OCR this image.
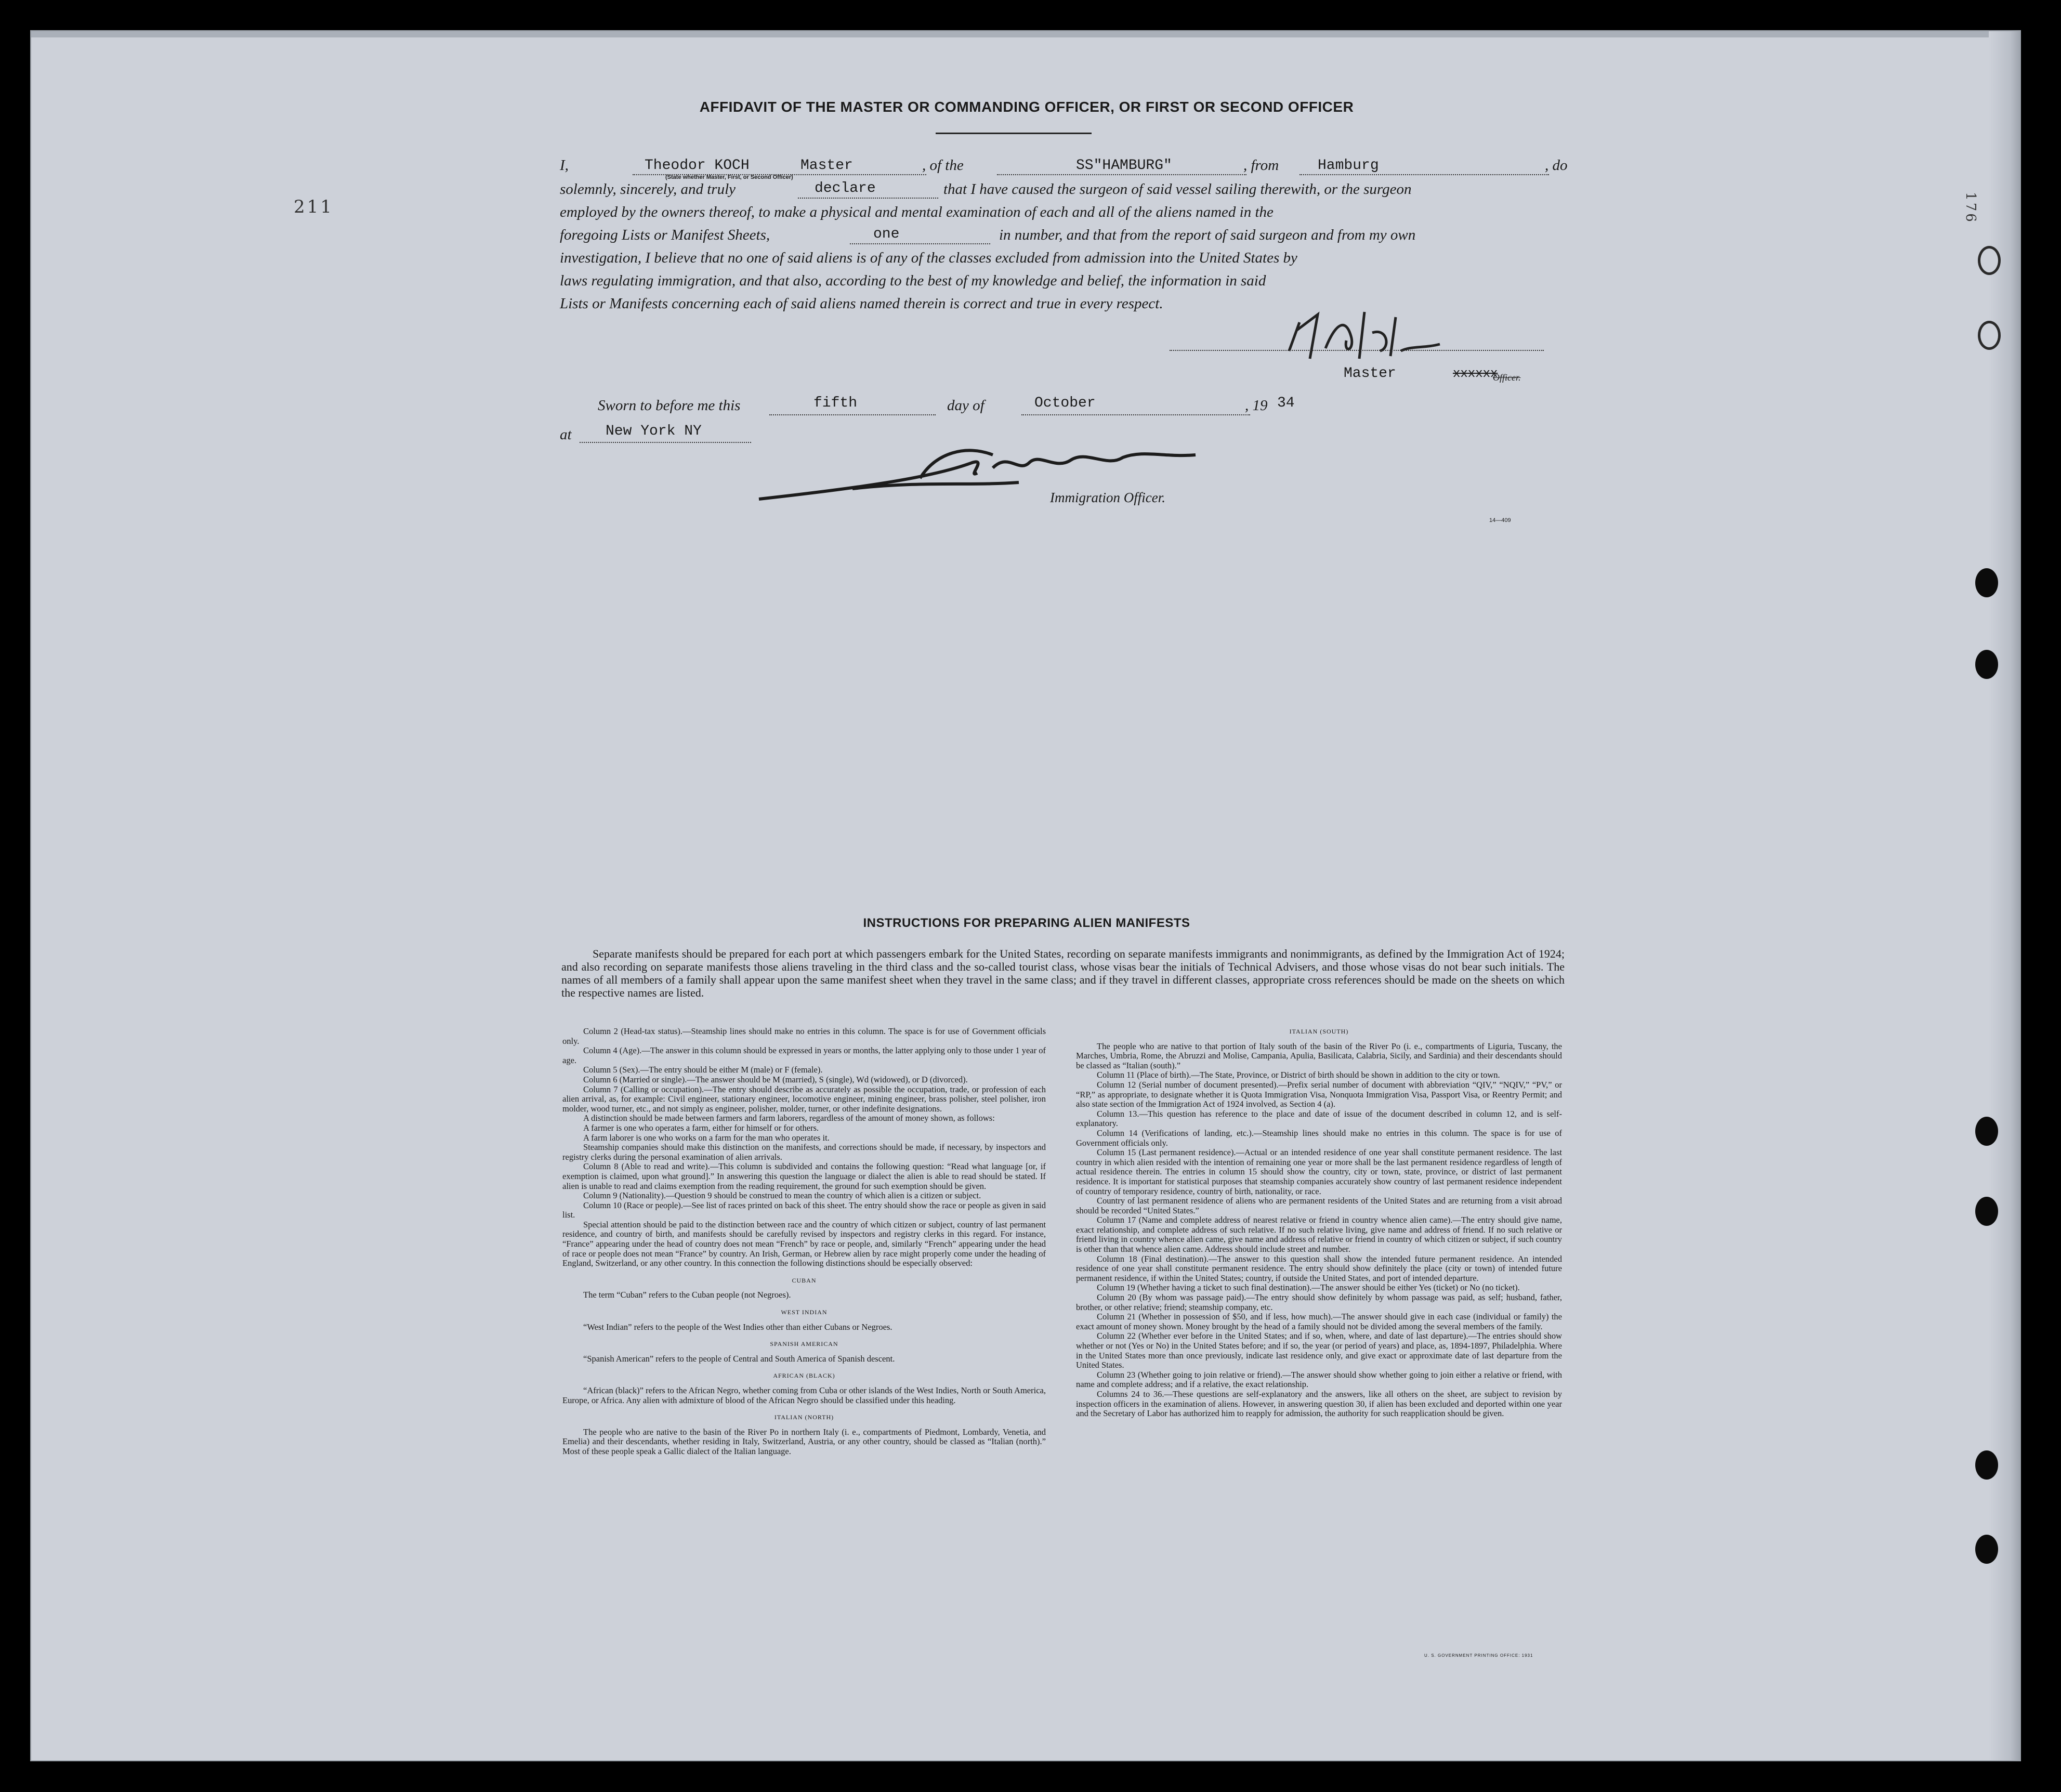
211	176
AFFIDAVIT OF THE MASTER OR COMMANDING OFFICER, OR FIRST OR SECOND OFFICER
I,	Theodor KOCH	Master
(State whether Master, First, or Second Officer)
, of the	SS"HAMBURG"	, from	Hamburg	, do
solemnly, sincerely, and truly	declare	that I have caused the surgeon of said vessel sailing therewith, or the surgeon
employed by the owners thereof, to make a physical and mental examination of each and all of the aliens named in the
foregoing Lists or Manifest Sheets,	one	in number, and that from the report of said surgeon and from my own
investigation, I believe that no one of said aliens is of any of the classes excluded from admission into the United States by
laws regulating immigration, and that also, according to the best of my knowledge and belief, the information in said
Lists or Manifests concerning each of said aliens named therein is correct and true in every respect.
Master	xxxxxx
Officer.
Sworn to before me this	fifth	day of	October	, 19 34
at New York NY
Immigration Officer.
14—409
INSTRUCTIONS FOR PREPARING ALIEN MANIFESTS
Separate manifests should be prepared for each port at which passengers embark for the United States, recording on separate manifests immigrants and nonimmigrants, as defined by the Immigration Act of 1924; and also recording on separate manifests those aliens traveling in the third class and the so-called tourist class, whose visas bear the initials of Technical Advisers, and those whose visas do not bear such initials. The names of all members of a family shall appear upon the same manifest sheet when they travel in the same class; and if they travel in different classes, appropriate cross references should be made on the sheets on which the respective names are listed.

Column 2 (Head-tax status).—Steamship lines should make no entries in this column. The space is for use of Government officials only.

Column 4 (Age).—The answer in this column should be expressed in years or months, the latter applying only to those under 1 year of age.

Column 5 (Sex).—The entry should be either M (male) or F (female).

Column 6 (Married or single).—The answer should be M (married), S (single), Wd (widowed), or D (divorced).

Column 7 (Calling or occupation).—The entry should describe as accurately as possible the occupation, trade, or profession of each alien arrival, as, for example: Civil engineer, stationary engineer, locomotive engineer, mining engineer, brass polisher, steel polisher, iron molder, wood turner, etc., and not simply as engineer, polisher, molder, turner, or other indefinite designations.

A distinction should be made between farmers and farm laborers, regardless of the amount of money shown, as follows:

A farmer is one who operates a farm, either for himself or for others.

A farm laborer is one who works on a farm for the man who operates it.

Steamship companies should make this distinction on the manifests, and corrections should be made, if necessary, by inspectors and registry clerks during the personal examination of alien arrivals.

Column 8 (Able to read and write).—This column is subdivided and contains the following question: “Read what language [or, if exemption is claimed, upon what ground].” In answering this question the language or dialect the alien is able to read should be stated. If alien is unable to read and claims exemption from the reading requirement, the ground for such exemption should be given.

Column 9 (Nationality).—Question 9 should be construed to mean the country of which alien is a citizen or subject.

Column 10 (Race or people).—See list of races printed on back of this sheet. The entry should show the race or people as given in said list.

Special attention should be paid to the distinction between race and the country of which citizen or subject, country of last permanent residence, and country of birth, and manifests should be carefully revised by inspectors and registry clerks in this regard. For instance, “France” appearing under the head of country does not mean “French” by race or people, and, similarly “French” appearing under the head of race or people does not mean “France” by country. An Irish, German, or Hebrew alien by race might properly come under the heading of England, Switzerland, or any other country. In this connection the following distinctions should be especially observed:

CUBAN

The term “Cuban” refers to the Cuban people (not Negroes).

WEST INDIAN

“West Indian” refers to the people of the West Indies other than either Cubans or Negroes.

SPANISH AMERICAN

“Spanish American” refers to the people of Central and South America of Spanish descent.

AFRICAN (BLACK)

“African (black)” refers to the African Negro, whether coming from Cuba or other islands of the West Indies, North or South America, Europe, or Africa. Any alien with admixture of blood of the African Negro should be classified under this heading.

ITALIAN (NORTH)

The people who are native to the basin of the River Po in northern Italy (i. e., compartments of Piedmont, Lombardy, Venetia, and Emelia) and their descendants, whether residing in Italy, Switzerland, Austria, or any other country, should be classed as “Italian (north).” Most of these people speak a Gallic dialect of the Italian language.

ITALIAN (SOUTH)

The people who are native to that portion of Italy south of the basin of the River Po (i. e., compartments of Liguria, Tuscany, the Marches, Umbria, Rome, the Abruzzi and Molise, Campania, Apulia, Basilicata, Calabria, Sicily, and Sardinia) and their descendants should be classed as “Italian (south).”

Column 11 (Place of birth).—The State, Province, or District of birth should be shown in addition to the city or town.

Column 12 (Serial number of document presented).—Prefix serial number of document with abbreviation “QIV,” “NQIV,” “PV,” or “RP,” as appropriate, to designate whether it is Quota Immigration Visa, Nonquota Immigration Visa, Passport Visa, or Reentry Permit; and also state section of the Immigration Act of 1924 involved, as Section 4 (a).

Column 13.—This question has reference to the place and date of issue of the document described in column 12, and is self-explanatory.

Column 14 (Verifications of landing, etc.).—Steamship lines should make no entries in this column. The space is for use of Government officials only.

Column 15 (Last permanent residence).—Actual or an intended residence of one year shall constitute permanent residence. The last country in which alien resided with the intention of remaining one year or more shall be the last permanent residence regardless of length of actual residence therein. The entries in column 15 should show the country, city or town, state, province, or district of last permanent residence. It is important for statistical purposes that steamship companies accurately show country of last permanent residence independent of country of temporary residence, country of birth, nationality, or race.

Country of last permanent residence of aliens who are permanent residents of the United States and are returning from a visit abroad should be recorded “United States.”

Column 17 (Name and complete address of nearest relative or friend in country whence alien came).—The entry should give name, exact relationship, and complete address of such relative. If no such relative living, give name and address of friend. If no such relative or friend living in country whence alien came, give name and address of relative or friend in country of which citizen or subject, if such country is other than that whence alien came. Address should include street and number.

Column 18 (Final destination).—The answer to this question shall show the intended future permanent residence. An intended residence of one year shall constitute permanent residence. The entry should show definitely the place (city or town) of intended future permanent residence, if within the United States; country, if outside the United States, and port of intended departure.

Column 19 (Whether having a ticket to such final destination).—The answer should be either Yes (ticket) or No (no ticket).

Column 20 (By whom was passage paid).—The entry should show definitely by whom passage was paid, as self; husband, father, brother, or other relative; friend; steamship company, etc.

Column 21 (Whether in possession of $50, and if less, how much).—The answer should give in each case (individual or family) the exact amount of money shown. Money brought by the head of a family should not be divided among the several members of the family.

Column 22 (Whether ever before in the United States; and if so, when, where, and date of last departure).—The entries should show whether or not (Yes or No) in the United States before; and if so, the year (or period of years) and place, as, 1894-1897, Philadelphia. Where in the United States more than once previously, indicate last residence only, and give exact or approximate date of last departure from the United States.

Column 23 (Whether going to join relative or friend).—The answer should show whether going to join either a relative or friend, with name and complete address; and if a relative, the exact relationship.

Columns 24 to 36.—These questions are self-explanatory and the answers, like all others on the sheet, are subject to revision by inspection officers in the examination of aliens. However, in answering question 30, if alien has been excluded and deported within one year and the Secretary of Labor has authorized him to reapply for admission, the authority for such reapplication should be given.

U. S. GOVERNMENT PRINTING OFFICE: 1931
